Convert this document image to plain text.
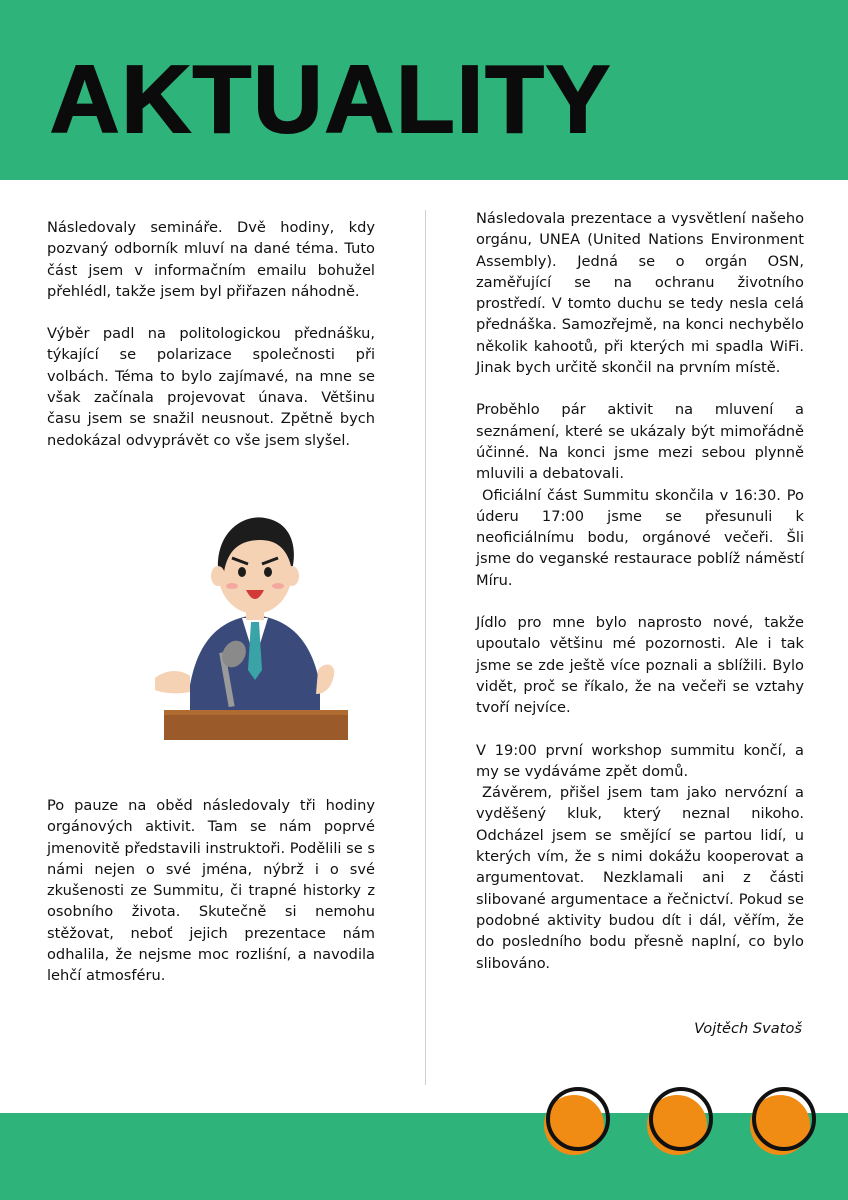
AKTUALITY

Následovaly semináře. Dvě hodiny, kdy pozvaný odborník mluví na dané téma. Tuto část jsem v informačním emailu bohužel přehlédl, takže jsem byl přiřazen náhodně.

Výběr padl na politologickou přednášku, týkající se polarizace společnosti při volbách. Téma to bylo zajímavé, na mne se však začínala projevovat únava. Většinu času jsem se snažil neusnout. Zpětně bych nedokázal odvyprávět co vše jsem slyšel.

Po pauze na oběd následovaly tři hodiny orgánových aktivit. Tam se nám poprvé jmenovitě představili instruktoři. Podělili se s námi nejen o své jména, nýbrž i o své zkušenosti ze Summitu, či trapné historky z osobního života. Skutečně si nemohu stěžovat, neboť jejich prezentace nám odhalila, že nejsme moc rozliśní, a navodila lehčí atmosféru.

Následovala prezentace a vysvětlení našeho orgánu, UNEA (United Nations Environment Assembly). Jedná se o orgán OSN, zaměřující se na ochranu životního prostředí. V tomto duchu se tedy nesla celá přednáška. Samozřejmě, na konci nechybělo několik kahootů, při kterých mi spadla WiFi. Jinak bych určitě skončil na prvním místě.

Proběhlo pár aktivit na mluvení a seznámení, které se ukázaly být mimořádně účinné. Na konci jsme mezi sebou plynně mluvili a debatovali.

Oficiální část Summitu skončila v 16:30. Po úderu 17:00 jsme se přesunuli k neoficiálnímu bodu, orgánové večeři. Šli jsme do veganské restaurace poblíž náměstí Míru.

Jídlo pro mne bylo naprosto nové, takže upoutalo většinu mé pozornosti. Ale i tak jsme se zde ještě více poznali a sblížili. Bylo vidět, proč se říkalo, že na večeři se vztahy tvoří nejvíce.

V 19:00 první workshop summitu končí, a my se vydáváme zpět domů.

Závěrem, přišel jsem tam jako nervózní a vyděšený kluk, který neznal nikoho. Odcházel jsem se smějící se partou lidí, u kterých vím, že s nimi dokážu kooperovat a argumentovat. Nezklamali ani z části slibované argumentace a řečnictví. Pokud se podobné aktivity budou dít i dál, věřím, že do posledního bodu přesně naplní, co bylo slibováno.

Vojtěch Svatoš
